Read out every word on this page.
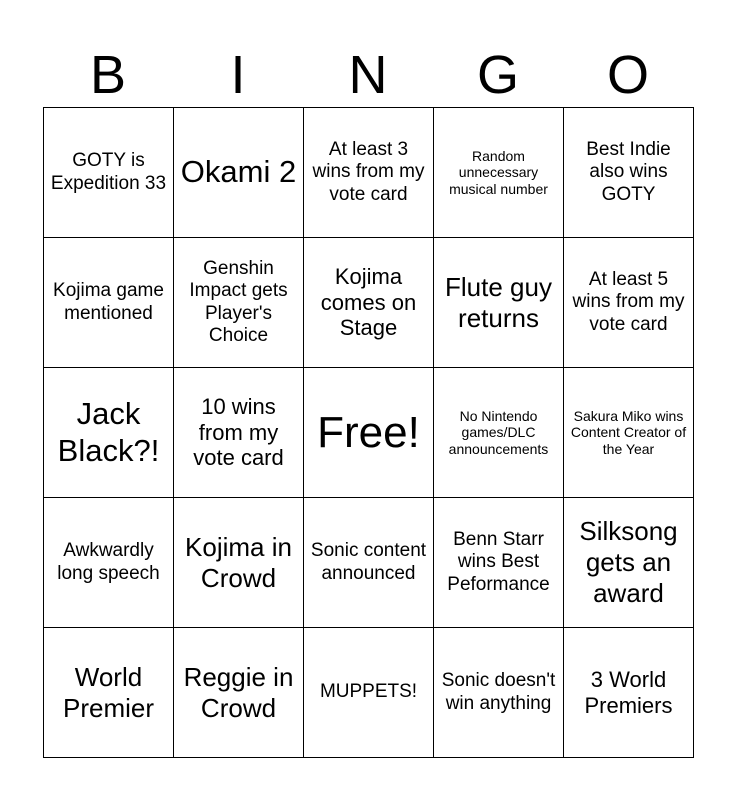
B	I	N	G	O
GOTY is Expedition 33	Okami 2	At least 3 wins from my vote card	Random unnecessary musical number	Best Indie also wins GOTY
Kojima game mentioned	Genshin Impact gets Player's Choice	Kojima comes on Stage	Flute guy returns	At least 5 wins from my vote card
Jack Black?!	10 wins from my vote card	Free!	No Nintendo games/DLC announcements	Sakura Miko wins Content Creator of the Year
Awkwardly long speech	Kojima in Crowd	Sonic content announced	Benn Starr wins Best Peformance	Silksong gets an award
World Premier	Reggie in Crowd	MUPPETS!	Sonic doesn't win anything	3 World Premiers
